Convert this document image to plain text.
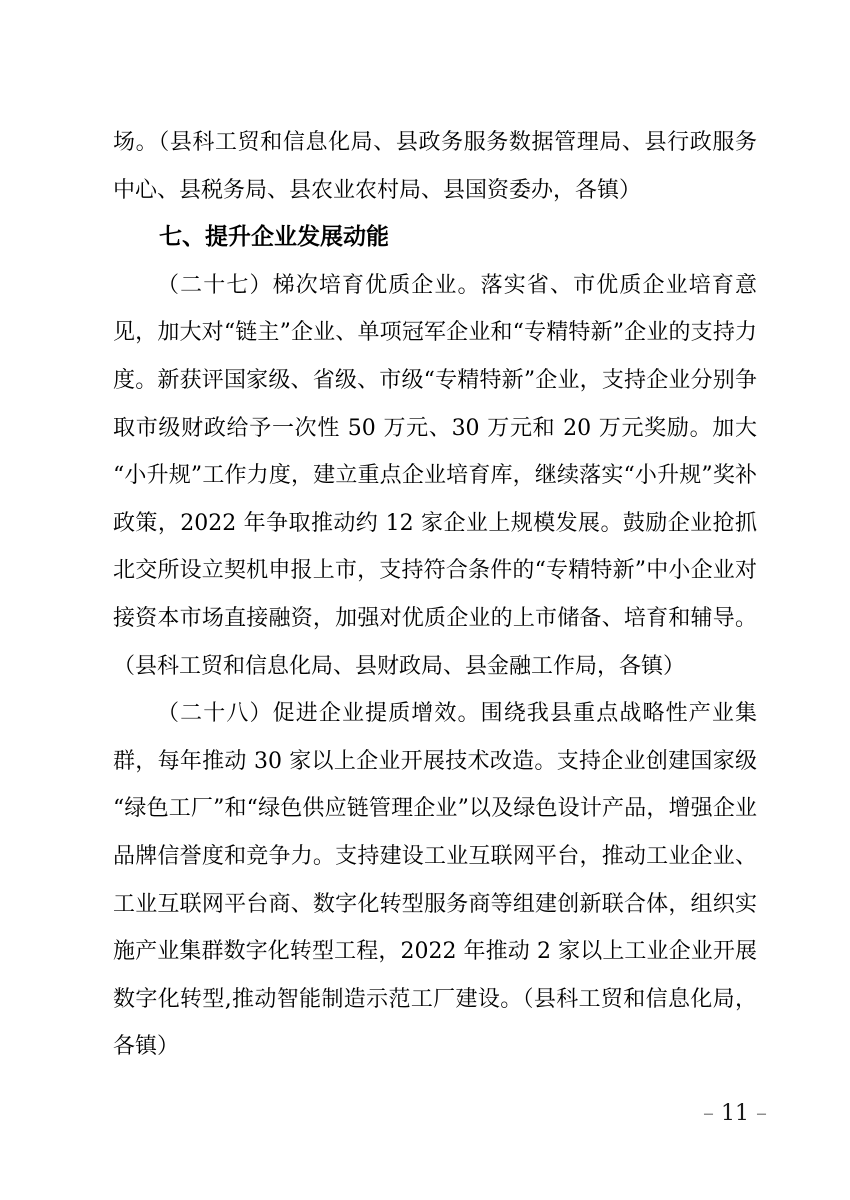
场。（县科工贸和信息化局、县政务服务数据管理局、县行政服务中心、县税务局、县农业农村局、县国资委办，各镇）

七、提升企业发展动能

（二十七）梯次培育优质企业。落实省、市优质企业培育意见，加大对“链主”企业、单项冠军企业和“专精特新”企业的支持力度。新获评国家级、省级、市级“专精特新”企业，支持企业分别争取市级财政给予一次性 50 万元、30 万元和 20 万元奖励。加大“小升规”工作力度，建立重点企业培育库，继续落实“小升规”奖补政策，2022 年争取推动约 12 家企业上规模发展。鼓励企业抢抓北交所设立契机申报上市，支持符合条件的“专精特新”中小企业对接资本市场直接融资，加强对优质企业的上市储备、培育和辅导。（县科工贸和信息化局、县财政局、县金融工作局，各镇）

（二十八）促进企业提质增效。围绕我县重点战略性产业集群，每年推动 30 家以上企业开展技术改造。支持企业创建国家级“绿色工厂”和“绿色供应链管理企业”以及绿色设计产品，增强企业品牌信誉度和竞争力。支持建设工业互联网平台，推动工业企业、工业互联网平台商、数字化转型服务商等组建创新联合体，组织实施产业集群数字化转型工程，2022 年推动 2 家以上工业企业开展数字化转型,推动智能制造示范工厂建设。（县科工贸和信息化局，各镇）

– 11 –
